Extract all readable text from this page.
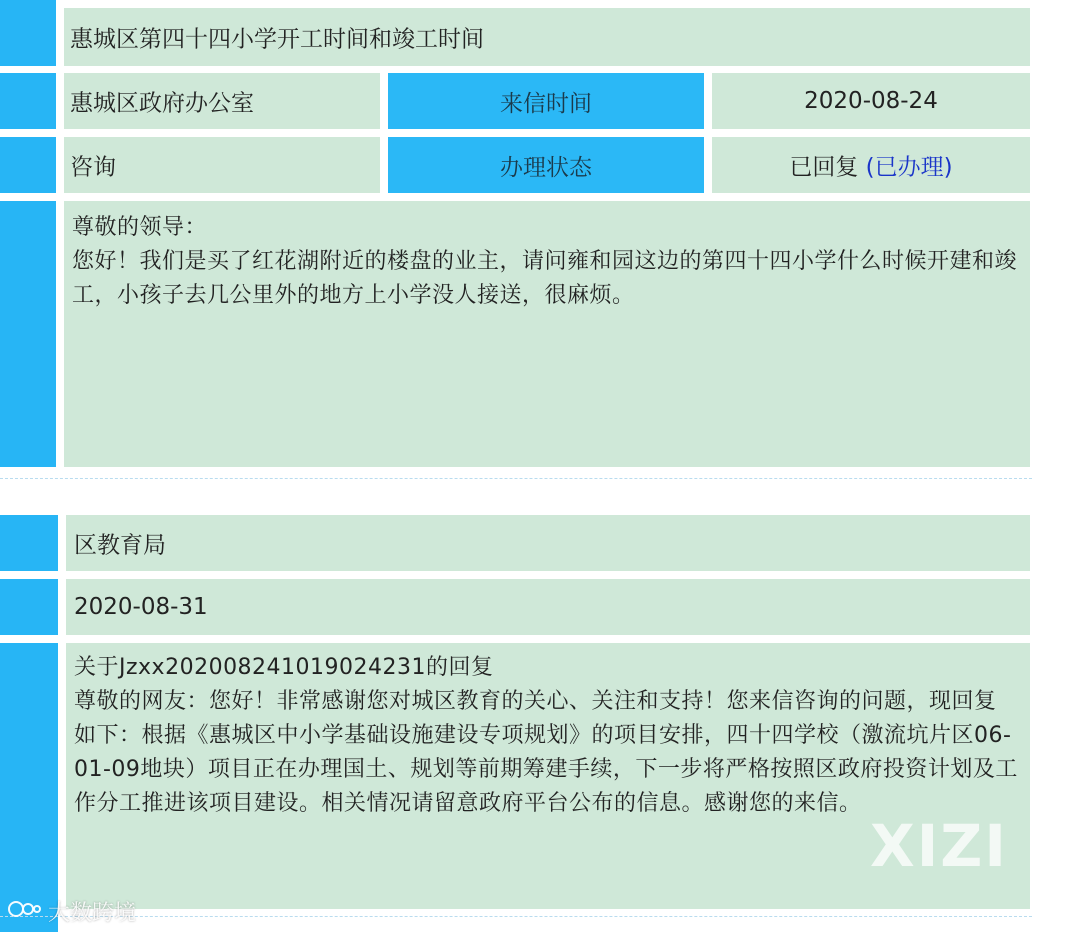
惠城区第四十四小学开工时间和竣工时间
惠城区政府办公室	来信时间	2020-08-24
咨询	办理状态	已回复 (已办理)

尊敬的领导：

您好！我们是买了红花湖附近的楼盘的业主，请问雍和园这边的第四十四小学什么时候开建和竣工，小孩子去几公里外的地方上小学没人接送，很麻烦。

区教育局
2020-08-31

关于Jzxx202008241019024231的回复

尊敬的网友：您好！非常感谢您对城区教育的关心、关注和支持！您来信咨询的问题，现回复如下：根据《惠城区中小学基础设施建设专项规划》的项目安排，四十四学校（激流坑片区06-01-09地块）项目正在办理国土、规划等前期筹建手续，下一步将严格按照区政府投资计划及工作分工推进该项目建设。相关情况请留意政府平台公布的信息。感谢您的来信。

XIZI
大数跨境
